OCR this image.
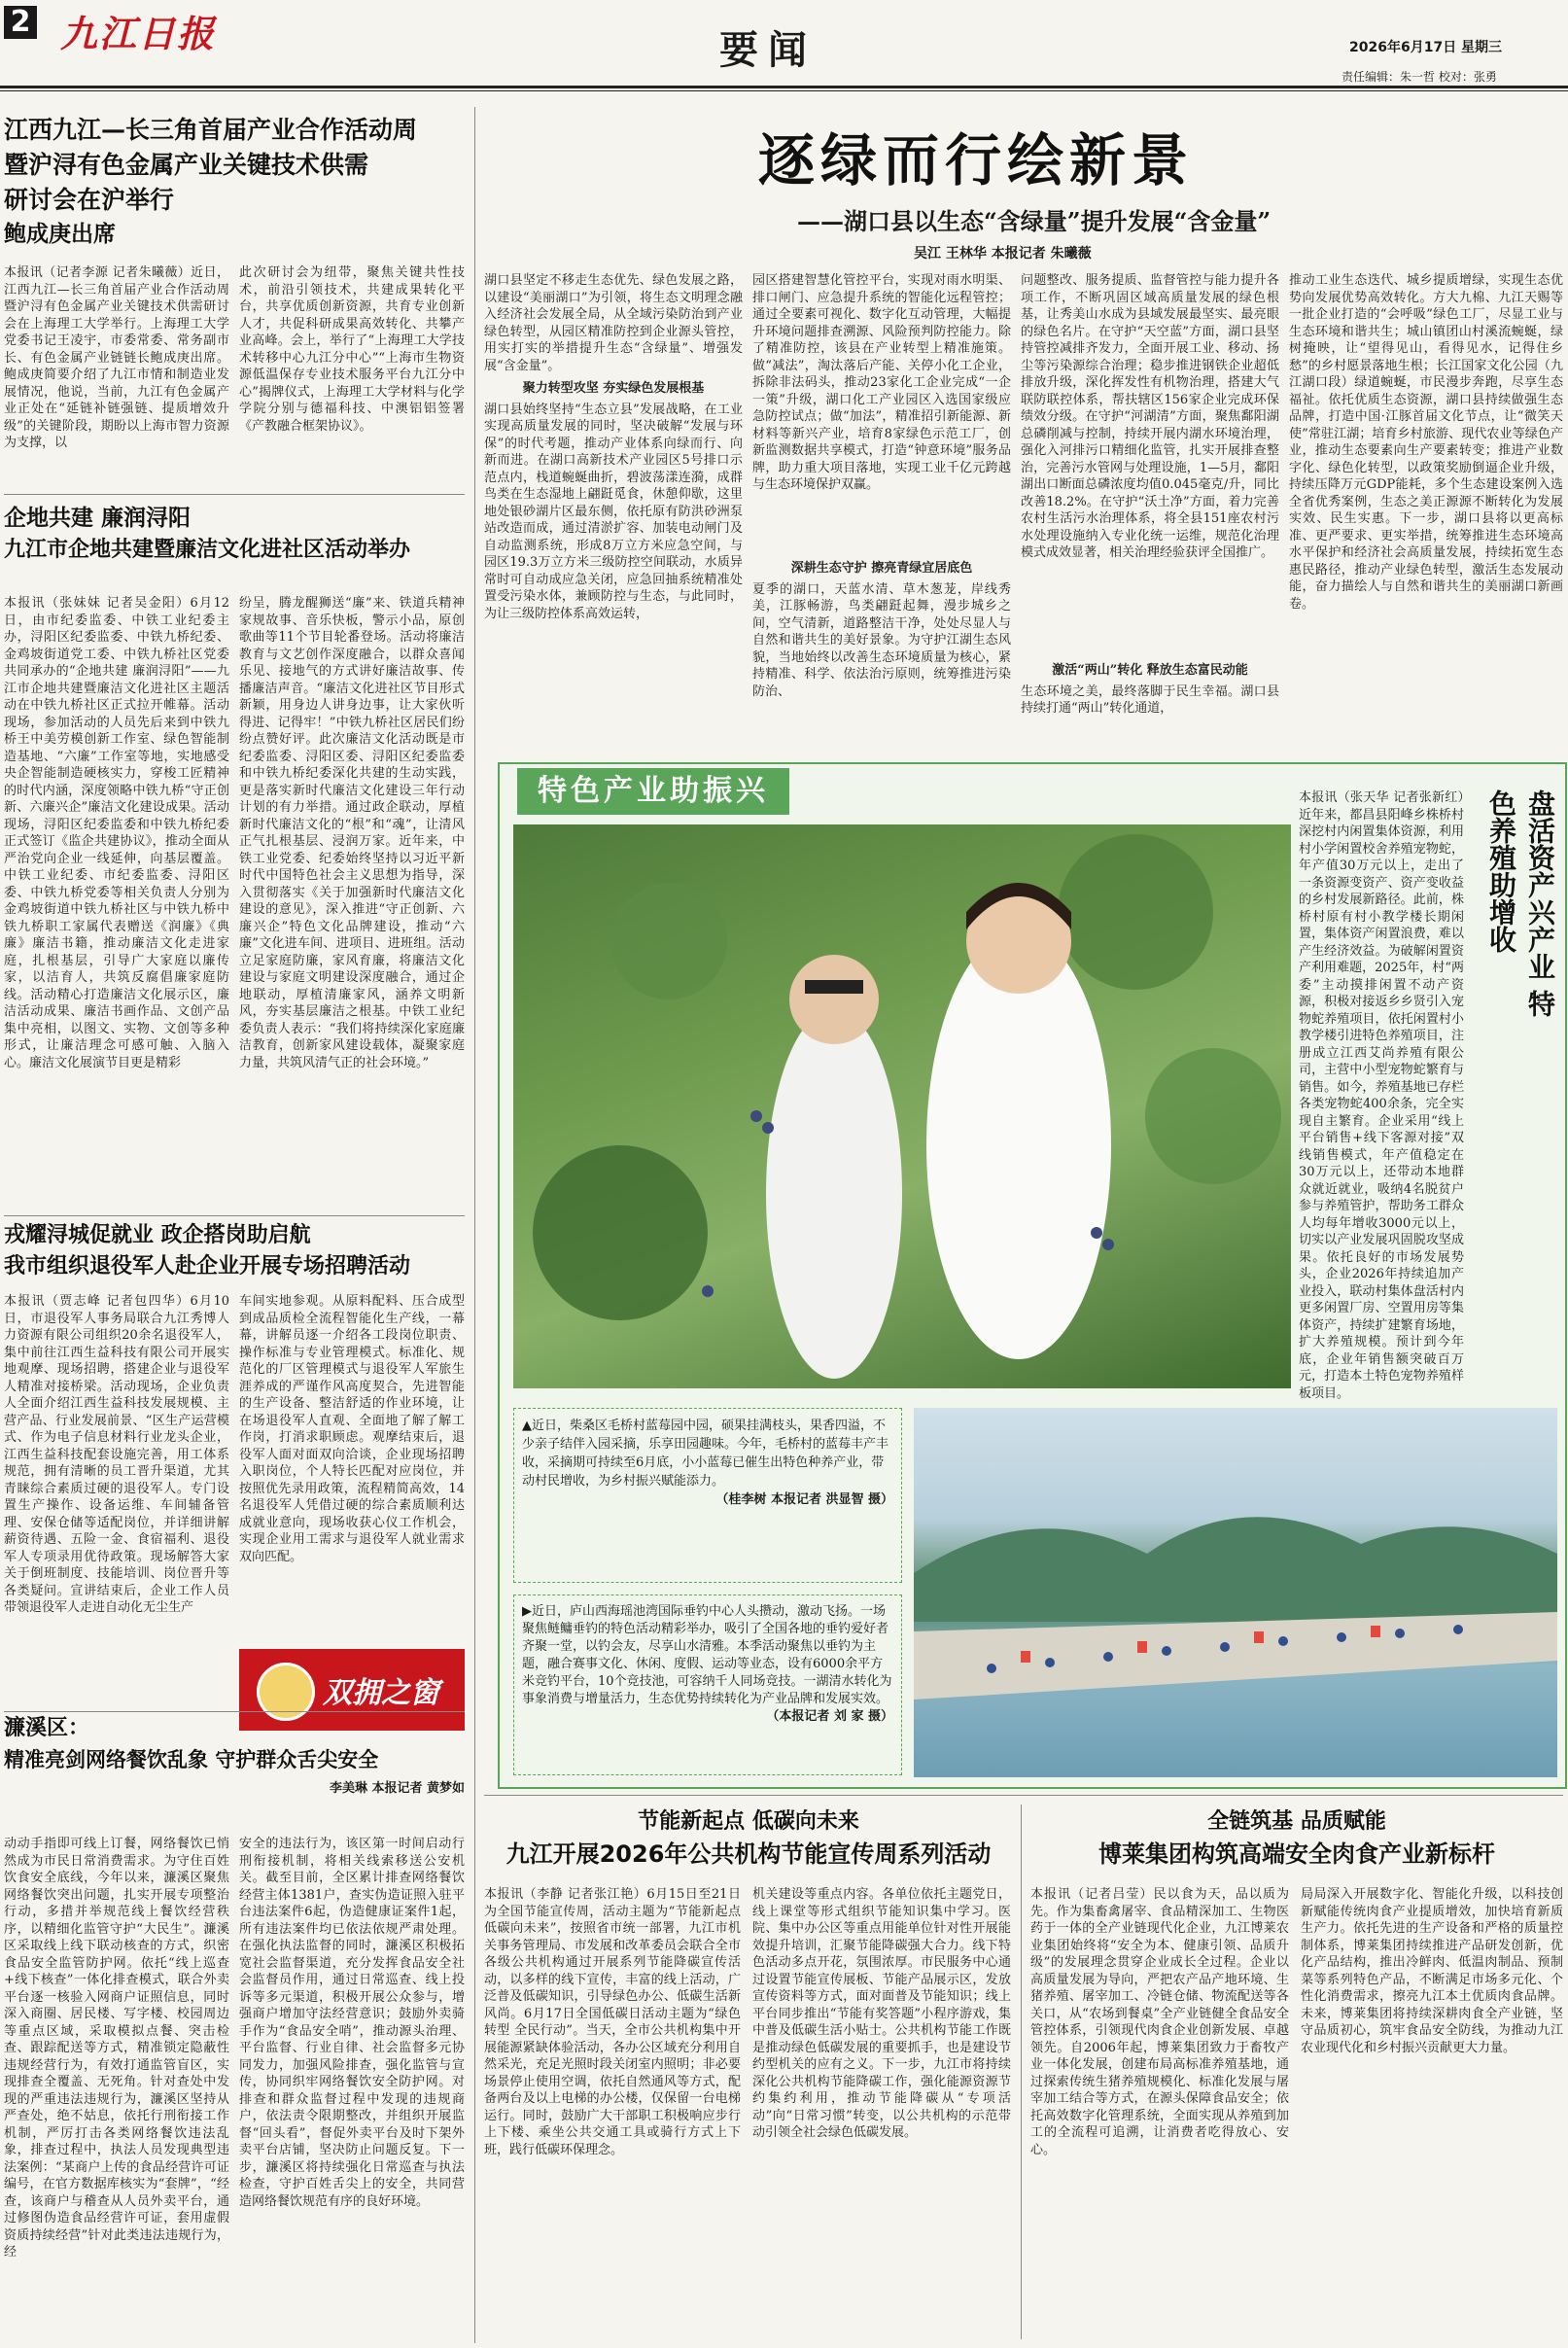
2 九江日报	要闻	2026年6月17日 星期三
责任编辑：朱一哲 校对：张勇
江西九江—长三角首届产业合作活动周
暨沪浔有色金属产业关键技术供需
研讨会在沪举行
鲍成庚出席
本报讯（记者李源 记者朱曦薇）近日，江西九江—长三角首届产业合作活动周暨沪浔有色金属产业关键技术供需研讨会在上海理工大学举行。上海理工大学党委书记王凌宇，市委常委、常务副市长、有色金属产业链链长鲍成庚出席。鲍成庚简要介绍了九江市情和制造业发展情况，他说，当前，九江有色金属产业正处在“延链补链强链、提质增效升级”的关键阶段，期盼以上海市智力资源为支撑，以
此次研讨会为纽带，聚焦关键共性技术，前沿引领技术，共建成果转化平台，共享优质创新资源，共育专业创新人才，共促科研成果高效转化、共攀产业高峰。会上，举行了“上海理工大学技术转移中心九江分中心”“上海市生物资源低温保存专业技术服务平台九江分中心”揭牌仪式，上海理工大学材料与化学学院分别与德福科技、中澳铝铝签署《产教融合框架协议》。
企地共建 廉润浔阳
九江市企地共建暨廉洁文化进社区活动举办
本报讯（张妹妹 记者吴金阳）6月12日，由市纪委监委、中铁工业纪委主办，浔阳区纪委监委、中铁九桥纪委、金鸡坡街道党工委、中铁九桥社区党委共同承办的“企地共建 廉润浔阳”——九江市企地共建暨廉洁文化进社区主题活动在中铁九桥社区正式拉开帷幕。活动现场，参加活动的人员先后来到中铁九桥王中美劳模创新工作室、绿色智能制造基地、“六廉”工作室等地，实地感受央企智能制造硬核实力，穿梭工匠精神的时代内涵，深度领略中铁九桥“守正创新、六廉兴企”廉洁文化建设成果。活动现场，浔阳区纪委监委和中铁九桥纪委正式签订《监企共建协议》，推动全面从严治党向企业一线延伸，向基层覆盖。中铁工业纪委、市纪委监委、浔阳区委、中铁九桥党委等相关负责人分别为金鸡坡街道中铁九桥社区与中铁九桥中铁九桥职工家属代表赠送《润廉》《典廉》廉洁书籍，推动廉洁文化走进家庭，扎根基层，引导广大家庭以廉传家，以洁育人，共筑反腐倡廉家庭防线。活动精心打造廉洁文化展示区，廉洁活动成果、廉洁书画作品、文创产品集中亮相，以图文、实物、文创等多种形式，让廉洁理念可感可触、入脑入心。廉洁文化展演节目更是精彩
纷呈，腾龙醒狮送“廉”来、铁道兵精神家规故事、音乐快板，警示小品，原创歌曲等11个节目轮番登场。活动将廉洁教育与文艺创作深度融合，以群众喜闻乐见、接地气的方式讲好廉洁故事、传播廉洁声音。“廉洁文化进社区节目形式新颖，用身边人讲身边事，让大家伙听得进、记得牢！”中铁九桥社区居民们纷纷点赞好评。此次廉洁文化活动既是市纪委监委、浔阳区委、浔阳区纪委监委和中铁九桥纪委深化共建的生动实践，更是落实新时代廉洁文化建设三年行动计划的有力举措。通过政企联动，厚植新时代廉洁文化的“根”和“魂”，让清风正气扎根基层、浸润万家。近年来，中铁工业党委、纪委始终坚持以习近平新时代中国特色社会主义思想为指导，深入贯彻落实《关于加强新时代廉洁文化建设的意见》，深入推进“守正创新、六廉兴企”特色文化品牌建设，推动“六廉”文化进车间、进项目、进班组。活动立足家庭防廉，家风育廉，将廉洁文化建设与家庭文明建设深度融合，通过企地联动，厚植清廉家风，涵养文明新风，夯实基层廉洁之根基。中铁工业纪委负责人表示：“我们将持续深化家庭廉洁教育，创新家风建设载体，凝聚家庭力量，共筑风清气正的社会环境。”
戎耀浔城促就业 政企搭岗助启航
我市组织退役军人赴企业开展专场招聘活动
本报讯（贾志峰 记者包四华）6月10日，市退役军人事务局联合九江秀博人力资源有限公司组织20余名退役军人，集中前往江西生益科技有限公司开展实地观摩、现场招聘，搭建企业与退役军人精准对接桥梁。活动现场，企业负责人全面介绍江西生益科技发展规模、主营产品、行业发展前景、“区生产运营模式、作为电子信息材料行业龙头企业，江西生益科技配套设施完善，用工体系规范，拥有清晰的员工晋升渠道，尤其青睐综合素质过硬的退役军人。专门设置生产操作、设备运维、车间辅备管理、安保仓储等适配岗位，并详细讲解薪资待遇、五险一金、食宿福利、退役军人专项录用优待政策。现场解答大家关于倒班制度、技能培训、岗位晋升等各类疑问。宣讲结束后，企业工作人员带领退役军人走进自动化无尘生产
车间实地参观。从原料配料、压合成型到成品质检全流程智能化生产线，一幕幕，讲解员逐一介绍各工段岗位职责、操作标准与专业管理模式。标准化、规范化的厂区管理模式与退役军人军旅生涯养成的严谨作风高度契合，先进智能的生产设备、整洁舒适的作业环境，让在场退役军人直观、全面地了解了解工作岗，打消求职顾虑。观摩结束后，退役军人面对面双向洽谈，企业现场招聘入职岗位，个人特长匹配对应岗位，并按照优先录用政策，流程精简高效，14名退役军人凭借过硬的综合素质顺利达成就业意向，现场收获心仪工作机会，实现企业用工需求与退役军人就业需求双向匹配。
双拥之窗
濂溪区：
精准亮剑网络餐饮乱象 守护群众舌尖安全
李美琳 本报记者 黄梦如
动动手指即可线上订餐，网络餐饮已悄然成为市民日常消费需求。为守住百姓饮食安全底线，今年以来，濂溪区聚焦网络餐饮突出问题，扎实开展专项整治行动，多措并举规范线上餐饮经营秩序，以精细化监管守护“大民生”。濂溪区采取线上线下联动核查的方式，织密食品安全监管防护网。依托“线上巡查+线下核查”一体化排查模式，联合外卖平台逐一核验入网商户证照信息，同时深入商圈、居民楼、写字楼、校园周边等重点区域，采取模拟点餐、突击检查、跟踪配送等方式，精准锁定隐蔽性违规经营行为，有效打通监管盲区，实现排查全覆盖、无死角。针对查处中发现的严重违法违规行为，濂溪区坚持从严查处，绝不姑息，依托行刑衔接工作机制，严厉打击各类网络餐饮违法乱象，排查过程中，执法人员发现典型违法案例：“某商户上传的食品经营许可证编号，在官方数据库核实为“套牌”，“经查，该商户与稽查从人员外卖平台，通过修图伪造食品经营许可证，套用虚假资质持续经营”针对此类违法违规行为，经
安全的违法行为，该区第一时间启动行刑衔接机制，将相关线索移送公安机关。截至目前，全区累计排查网络餐饮经营主体1381户，查实伪造证照入驻平台违法案件6起，伪造健康证案件1起，所有违法案件均已依法依规严肃处理。在强化执法监督的同时，濂溪区积极拓宽社会监督渠道，充分发挥食品安全社会监督员作用，通过日常巡查、线上投诉等多元渠道，积极开展公众参与，增强商户增加守法经营意识；鼓励外卖骑手作为“食品安全哨”，推动源头治理、平台监督、行业自律、社会监督多元协同发力，加强风险排查，强化监管与宣传，协同织牢网络餐饮安全防护网。对排查和群众监督过程中发现的违规商户，依法责令限期整改，并组织开展监督“回头看”，督促外卖平台及时下架外卖平台店铺，坚决防止问题反复。下一步，濂溪区将持续强化日常巡查与执法检查，守护百姓舌尖上的安全，共同营造网络餐饮规范有序的良好环境。
逐绿而行绘新景
——湖口县以生态“含绿量”提升发展“含金量”
吴江 王林华 本报记者 朱曦薇
湖口县坚定不移走生态优先、绿色发展之路，以建设“美丽湖口”为引领，将生态文明理念融入经济社会发展全局，从全域污染防治到产业绿色转型，从园区精准防控到企业源头管控，用实打实的举措提升生态“含绿量”、增强发展“含金量”。
聚力转型攻坚 夯实绿色发展根基
湖口县始终坚持“生态立县”发展战略，在工业实现高质量发展的同时，坚决破解“发展与环保”的时代考题，推动产业体系向绿而行、向新而进。在湖口高新技术产业园区5号排口示范点内，栈道蜿蜒曲折，碧波荡漾连漪，成群鸟类在生态湿地上翩跹觅食，休憩仰歇，这里地处银砂湖片区最东侧，依托原有防洪砂洲泵站改造而成，通过清淤扩容、加装电动闸门及自动监测系统，形成8万立方米应急空间，与园区19.3万立方米三级防控空间联动，水质异常时可自动成应急关闭，应急回抽系统精准处置受污染水体，兼顾防控与生态，与此同时，为让三级防控体系高效运转，
园区搭建智慧化管控平台，实现对雨水明渠、排口闸门、应急提升系统的智能化远程管控；通过全要素可视化、数字化互动管理，大幅提升环境问题排查溯源、风险预判防控能力。除了精准防控，该县在产业转型上精准施策。做“减法”，淘汰落后产能、关停小化工企业，拆除非法码头，推动23家化工企业完成“一企一策”升级，湖口化工产业园区入选国家级应急防控试点；做“加法”，精准招引新能源、新材料等新兴产业，培育8家绿色示范工厂，创新监测数据共享模式，打造“钟意环境”服务品牌，助力重大项目落地，实现工业千亿元跨越与生态环境保护双赢。
深耕生态守护 擦亮青绿宜居底色
夏季的湖口，天蓝水清、草木葱茏，岸线秀美，江豚畅游，鸟类翩跹起舞，漫步城乡之间，空气清新，道路整洁干净，处处尽显人与自然和谐共生的美好景象。为守护江湖生态风貌，当地始终以改善生态环境质量为核心，紧持精准、科学、依法治污原则，统筹推进污染防治、
问题整改、服务提质、监督管控与能力提升各项工作，不断巩固区域高质量发展的绿色根基，让秀美山水成为县域发展最坚实、最亮眼的绿色名片。在守护“天空蓝”方面，湖口县坚持管控减排齐发力，全面开展工业、移动、扬尘等污染源综合治理；稳步推进钢铁企业超低排放升级，深化挥发性有机物治理，搭建大气联防联控体系，帮扶辖区156家企业完成环保绩效分级。在守护“河湖清”方面，聚焦鄱阳湖总磷削减与控制，持续开展内湖水环境治理，强化入河排污口精细化监管，扎实开展排查整治，完善污水管网与处理设施，1—5月，鄱阳湖出口断面总磷浓度均值0.045毫克/升，同比改善18.2%。在守护“沃土净”方面，着力完善农村生活污水治理体系，将全县151座农村污水处理设施纳入专业化统一运维，规范化治理模式成效显著，相关治理经验获评全国推广。
激活“两山”转化 释放生态富民动能
生态环境之美，最终落脚于民生幸福。湖口县持续打通“两山”转化通道，
推动工业生态迭代、城乡提质增绿，实现生态优势向发展优势高效转化。方大九棉、九江天赐等一批企业打造的“会呼吸”绿色工厂，尽显工业与生态环境和谐共生；城山镇团山村溪流蜿蜒，绿树掩映，让“望得见山，看得见水，记得住乡愁”的乡村愿景落地生根；长江国家文化公园（九江湖口段）绿道蜿蜒，市民漫步奔跑，尽享生态福祉。依托优质生态资源，湖口县持续做强生态品牌，打造中国·江豚首届文化节点，让“微笑天使”常驻江湖；培育乡村旅游、现代农业等绿色产业，推动生态要素向生产要素转变；推进产业数字化、绿色化转型，以政策奖励倒逼企业升级，持续压降万元GDP能耗，多个生态建设案例入选全省优秀案例，生态之美正源源不断转化为发展实效、民生实惠。下一步，湖口县将以更高标准、更严要求、更实举措，统筹推进生态环境高水平保护和经济社会高质量发展，持续拓宽生态惠民路径，推动产业绿色转型，激活生态发展动能，奋力描绘人与自然和谐共生的美丽湖口新画卷。
特色产业助振兴	盘活资产兴产业 特色养殖助增收
本报讯（张天华 记者张新红）近年来，都昌县阳峰乡株桥村深挖村内闲置集体资源，利用村小学闲置校舍养殖宠物蛇，年产值30万元以上，走出了一条资源变资产、资产变收益的乡村发展新路径。此前，株桥村原有村小教学楼长期闲置，集体资产闲置浪费，难以产生经济效益。为破解闲置资产利用难题，2025年，村“两委”主动摸排闲置不动产资源，积极对接返乡乡贤引入宠物蛇养殖项目，依托闲置村小教学楼引进特色养殖项目，注册成立江西艾尚养殖有限公司，主营中小型宠物蛇繁育与销售。如今，养殖基地已存栏各类宠物蛇400余条，完全实现自主繁育。企业采用“线上平台销售+线下客源对接”双线销售模式，年产值稳定在30万元以上，还带动本地群众就近就业，吸纳4名脱贫户参与养殖管护，帮助务工群众人均每年增收3000元以上，切实以产业发展巩固脱攻坚成果。依托良好的市场发展势头，企业2026年持续追加产业投入，联动村集体盘活村内更多闲置厂房、空置用房等集体资产，持续扩建繁育场地，扩大养殖规模。预计到今年底，企业年销售额突破百万元，打造本土特色宠物养殖样板项目。
▲近日，柴桑区毛桥村蓝莓园中园，硕果挂满枝头，果香四溢，不少亲子结伴入园采摘，乐享田园趣味。今年，毛桥村的蓝莓丰产丰收，采摘期可持续至6月底，小小蓝莓已催生出特色种养产业，带动村民增收，为乡村振兴赋能添力。
（桂李树 本报记者 洪显智 摄）
▶近日，庐山西海瑶池湾国际垂钓中心人头攒动，激动飞扬。一场聚焦鲢鳙垂钓的特色活动精彩举办，吸引了全国各地的垂钓爱好者齐聚一堂，以钓会友，尽享山水清雅。本季活动聚焦以垂钓为主题，融合赛事文化、休闲、度假、运动等业态，设有6000余平方米竞钓平台，10个竞技池，可容纳千人同场竞技。一湖清水转化为事象消费与增量活力，生态优势持续转化为产业品牌和发展实效。
（本报记者 刘 家 摄）
节能新起点 低碳向未来
九江开展2026年公共机构节能宣传周系列活动
本报讯（李静 记者张江艳）6月15日至21日为全国节能宣传周，活动主题为“节能新起点 低碳向未来”，按照省市统一部署，九江市机关事务管理局、市发展和改革委员会联合全市各级公共机构通过开展系列节能降碳宣传活动，以多样的线下宣传，丰富的线上活动，广泛普及低碳知识，引导绿色办公、低碳生活新风尚。6月17日全国低碳日活动主题为“绿色转型 全民行动”。当天，全市公共机构集中开展能源紧缺体验活动，各办公区域充分利用自然采光，充足光照时段关闭室内照明；非必要场景停止使用空调，依托自然通风等方式，配备两台及以上电梯的办公楼，仅保留一台电梯运行。同时，鼓励广大干部职工积极响应步行上下楼、乘坐公共交通工具或骑行方式上下班，践行低碳环保理念。
机关建设等重点内容。各单位依托主题党日，线上课堂等形式组织节能知识集中学习。医院、集中办公区等重点用能单位针对性开展能效提升培训，汇聚节能降碳强大合力。线下特色活动多点开花，氛围浓厚。市民服务中心通过设置节能宣传展板、节能产品展示区，发放宣传资料等方式，面对面普及节能知识；线上平台同步推出“节能有奖答题”小程序游戏，集中普及低碳生活小贴士。公共机构节能工作既是推动绿色低碳发展的重要抓手，也是建设节约型机关的应有之义。下一步，九江市将持续深化公共机构节能降碳工作，强化能源资源节约集约利用，推动节能降碳从“专项活动”向“日常习惯”转变，以公共机构的示范带动引领全社会绿色低碳发展。
全链筑基 品质赋能
博莱集团构筑高端安全肉食产业新标杆
本报讯（记者吕莹）民以食为天，品以质为先。作为集畜禽屠宰、食品精深加工、生物医药于一体的全产业链现代化企业，九江博莱农业集团始终将“安全为本、健康引领、品质升级”的发展理念贯穿企业成长全过程。企业以高质量发展为导向，严把农产品产地环境、生猪养殖、屠宰加工、冷链仓储、物流配送等各关口，从“农场到餐桌”全产业链健全食品安全管控体系，引领现代肉食企业创新发展、卓越领先。自2006年起，博莱集团致力于畜牧产业一体化发展，创建布局高标准养殖基地，通过探索传统生猪养殖规模化、标准化发展与屠宰加工结合等方式，在源头保障食品安全；依托高效数字化管理系统，全面实现从养殖到加工的全流程可追溯，让消费者吃得放心、安心。
局局深入开展数字化、智能化升级，以科技创新赋能传统肉食产业提质增效，加快培育新质生产力。依托先进的生产设备和严格的质量控制体系，博莱集团持续推进产品研发创新，优化产品结构，推出冷鲜肉、低温肉制品、预制菜等系列特色产品，不断满足市场多元化、个性化消费需求，擦亮九江本土优质肉食品牌。未来，博莱集团将持续深耕肉食全产业链，坚守品质初心，筑牢食品安全防线，为推动九江农业现代化和乡村振兴贡献更大力量。
